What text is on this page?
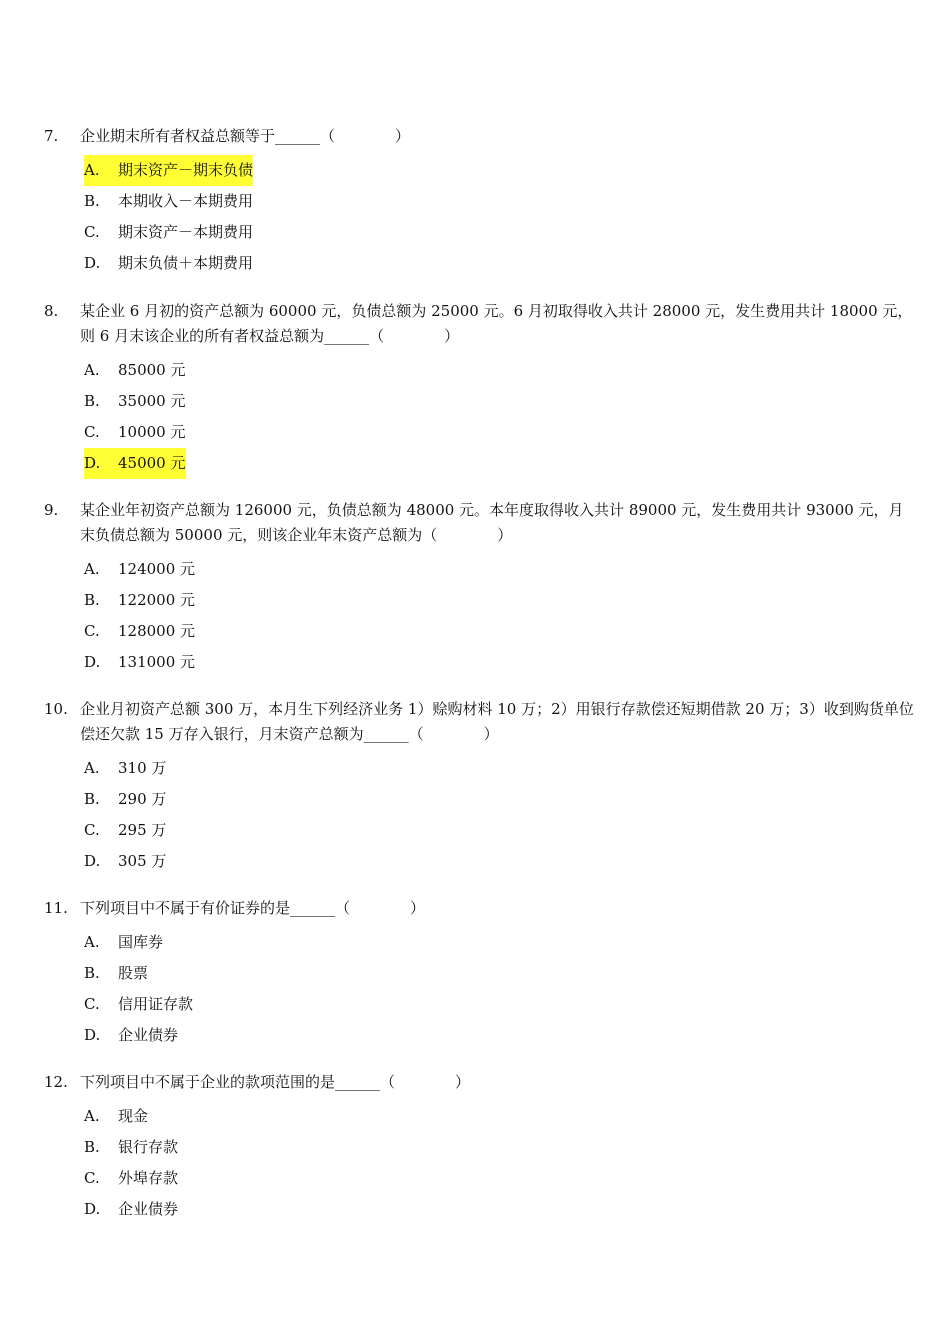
7.	企业期末所有者权益总额等于______（　　　　）
A.	期末资产－期末负债
B.	本期收入－本期费用
C.	期末资产－本期费用
D.	期末负债＋本期费用
8.	某企业 6 月初的资产总额为 60000 元，负债总额为 25000 元。6 月初取得收入共计 28000 元，发生费用共计 18000 元，则 6 月末该企业的所有者权益总额为______（　　　　）
A.	85000 元
B.	35000 元
C.	10000 元
D.	45000 元
9.	某企业年初资产总额为 126000 元，负债总额为 48000 元。本年度取得收入共计 89000 元，发生费用共计 93000 元，月末负债总额为 50000 元，则该企业年末资产总额为（　　　　）
A.	124000 元
B.	122000 元
C.	128000 元
D.	131000 元
10. 企业月初资产总额 300 万，本月生下列经济业务 1）赊购材料 10 万；2）用银行存款偿还短期借款 20 万；3）收到购货单位偿还欠款 15 万存入银行，月末资产总额为______（　　　　）
A.	310 万
B.	290 万
C.	295 万
D.	305 万
11. 下列项目中不属于有价证券的是______（　　　　）
A.	国库券
B.	股票
C.	信用证存款
D.	企业债券
12. 下列项目中不属于企业的款项范围的是______（　　　　）
A.	现金
B.	银行存款
C.	外埠存款
D.	企业债券
